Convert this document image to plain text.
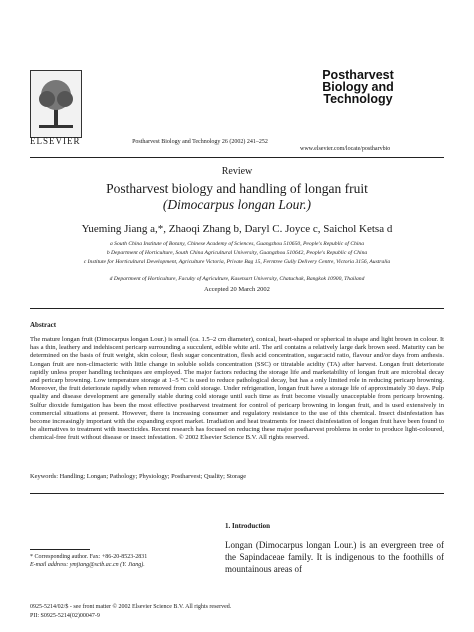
ELSEVIER	Postharvest Biology and Technology 26 (2002) 241–252
Postharvest
Biology and
Technology
www.elsevier.com/locate/postharvbio
Review
Postharvest biology and handling of longan fruit
(Dimocarpus longan Lour.)
Yueming Jiang a,*, Zhaoqi Zhang b, Daryl C. Joyce c, Saichol Ketsa d
a South China Institute of Botany, Chinese Academy of Sciences, Guangzhou 510650, People's Republic of China
b Department of Horticulture, South China Agricultural University, Guangzhou 510642, People's Republic of China
c Institute for Horticultural Development, Agriculture Victoria, Private Bag 15, Ferntree Gully Delivery Centre, Victoria 3156, Australia
d Department of Horticulture, Faculty of Agriculture, Kasetsart University, Chatuchak, Bangkok 10900, Thailand
Accepted 20 March 2002
Abstract
The mature longan fruit (Dimocarpus longan Lour.) is small (ca. 1.5–2 cm diameter), conical, heart-shaped or spherical in shape and light brown in colour. It has a thin, leathery and indehiscent pericarp surrounding a succulent, edible white aril. The aril contains a relatively large dark brown seed. Maturity can be determined on the basis of fruit weight, skin colour, flesh sugar concentration, flesh acid concentration, sugar:acid ratio, flavour and/or days from anthesis. Longan fruit are non-climacteric with little change in soluble solids concentration (SSC) or titratable acidity (TA) after harvest. Longan fruit deteriorate rapidly unless proper handling techniques are employed. The major factors reducing the storage life and marketability of longan fruit are microbial decay and pericarp browning. Low temperature storage at 1–5 °C is used to reduce pathological decay, but has a only limited role in reducing pericarp browning. Moreover, the fruit deteriorate rapidly when removed from cold storage. Under refrigeration, longan fruit have a storage life of approximately 30 days. Pulp quality and disease development are generally stable during cold storage until such time as fruit become visually unacceptable from pericarp browning. Sulfur dioxide fumigation has been the most effective postharvest treatment for control of pericarp browning in longan fruit, and is used extensively in commercial situations at present. However, there is increasing consumer and regulatory resistance to the use of this chemical. Insect disinfestation has become increasingly important with the expanding export market. Irradiation and heat treatments for insect disinfestation of longan fruit have been found to be alternatives to treatment with insecticides. Recent research has focused on reducing these major postharvest problems in order to produce light-coloured, chemical-free fruit without disease or insect infestation. © 2002 Elsevier Science B.V. All rights reserved.
Keywords: Handling; Longan; Pathology; Physiology; Postharvest; Quality; Storage
1. Introduction
Longan (Dimocarpus longan Lour.) is an evergreen tree of the Sapindaceae family. It is indigenous to the foothills of mountainous areas of
* Corresponding author. Fax: +86-20-8523-2831
E-mail address: ymjiang@scib.ac.cn (Y. Jiang).
0925-5214/02/$ - see front matter © 2002 Elsevier Science B.V. All rights reserved.
PII: S0925-5214(02)00047-9
